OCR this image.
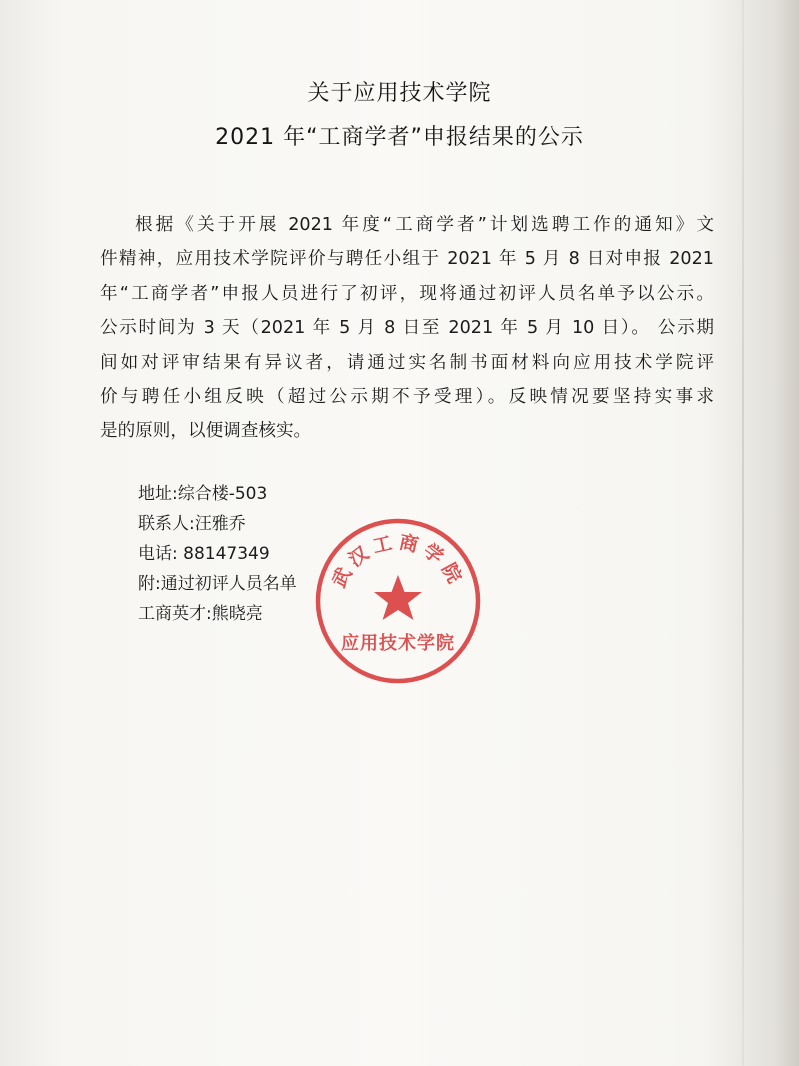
关于应用技术学院
2021 年“工商学者”申报结果的公示
根据《关于开展 2021 年度“工商学者”计划选聘工作的通知》文
件精神，应用技术学院评价与聘任小组于 2021 年 5 月 8 日对申报 2021
年“工商学者”申报人员进行了初评，现将通过初评人员名单予以公示。
公示时间为 3 天（2021 年 5 月 8 日至 2021 年 5 月 10 日）。 公示期
间如对评审结果有异议者，请通过实名制书面材料向应用技术学院评
价与聘任小组反映（超过公示期不予受理）。反映情况要坚持实事求
是的原则，以便调查核实。
地址:综合楼-503
联系人:汪雅乔
电话: 88147349
附:通过初评人员名单
工商英才:熊晓亮
武汉工商学院
应用技术学院
